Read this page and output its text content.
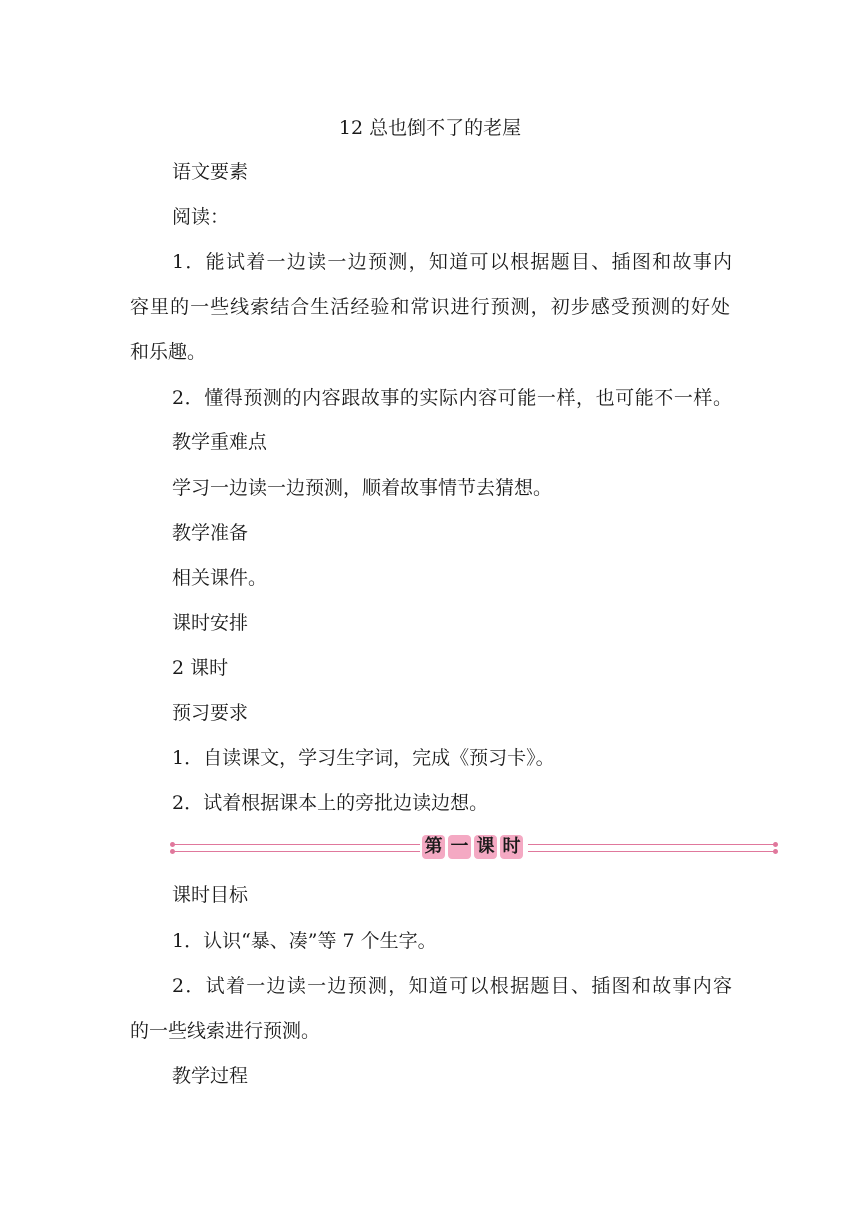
12 总也倒不了的老屋
语文要素
阅读：
1．能试着一边读一边预测，知道可以根据题目、插图和故事内
容里的一些线索结合生活经验和常识进行预测，初步感受预测的好处
和乐趣。
2．懂得预测的内容跟故事的实际内容可能一样，也可能不一样。
教学重难点
学习一边读一边预测，顺着故事情节去猜想。
教学准备
相关课件。
课时安排
2 课时
预习要求
1．自读课文，学习生字词，完成《预习卡》。
2．试着根据课本上的旁批边读边想。
第 一 课 时
课时目标
1．认识“暴、凑”等 7 个生字。
2．试着一边读一边预测，知道可以根据题目、插图和故事内容
的一些线索进行预测。
教学过程
